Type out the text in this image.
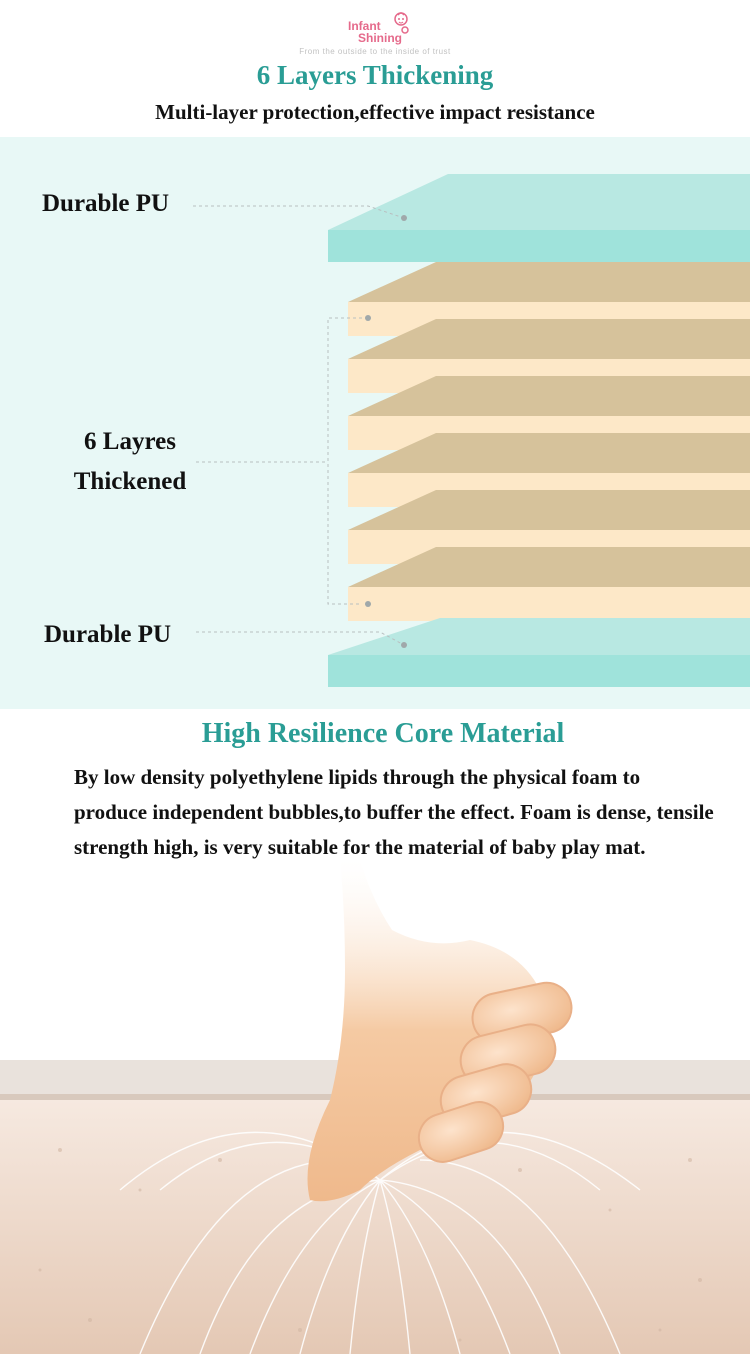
Infant
Shining
From the outside to the inside of trust
6 Layers Thickening
Multi-layer protection,effective impact resistance
Durable PU
6 Layres
Thickened
Durable PU
High Resilience Core Material
By low density polyethylene lipids through the physical foam to produce independent bubbles,to buffer the effect. Foam is dense, tensile strength high, is very suitable for the material of baby play mat.
